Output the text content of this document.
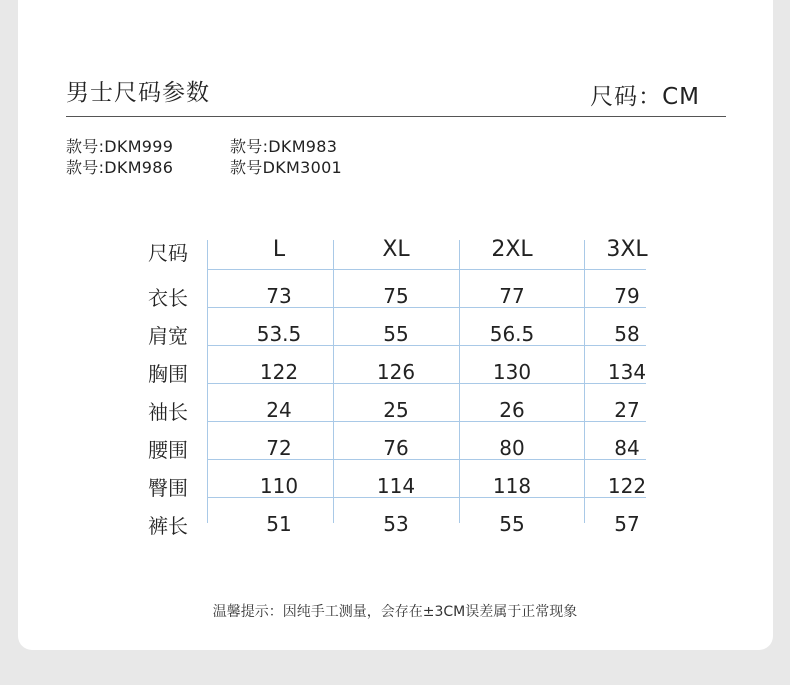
男士尺码参数	尺码：CM
款号:DKM999	款号:DKM983
款号:DKM986	款号DKM3001
尺码	L	XL	2XL	3XL
衣长	73	75	77	79
肩宽	53.5	55	56.5	58
胸围	122	126	130	134
袖长	24	25	26	27
腰围	72	76	80	84
臀围	110	114	118	122
裤长	51	53	55	57
温馨提示：因纯手工测量，会存在±3CM误差属于正常现象
